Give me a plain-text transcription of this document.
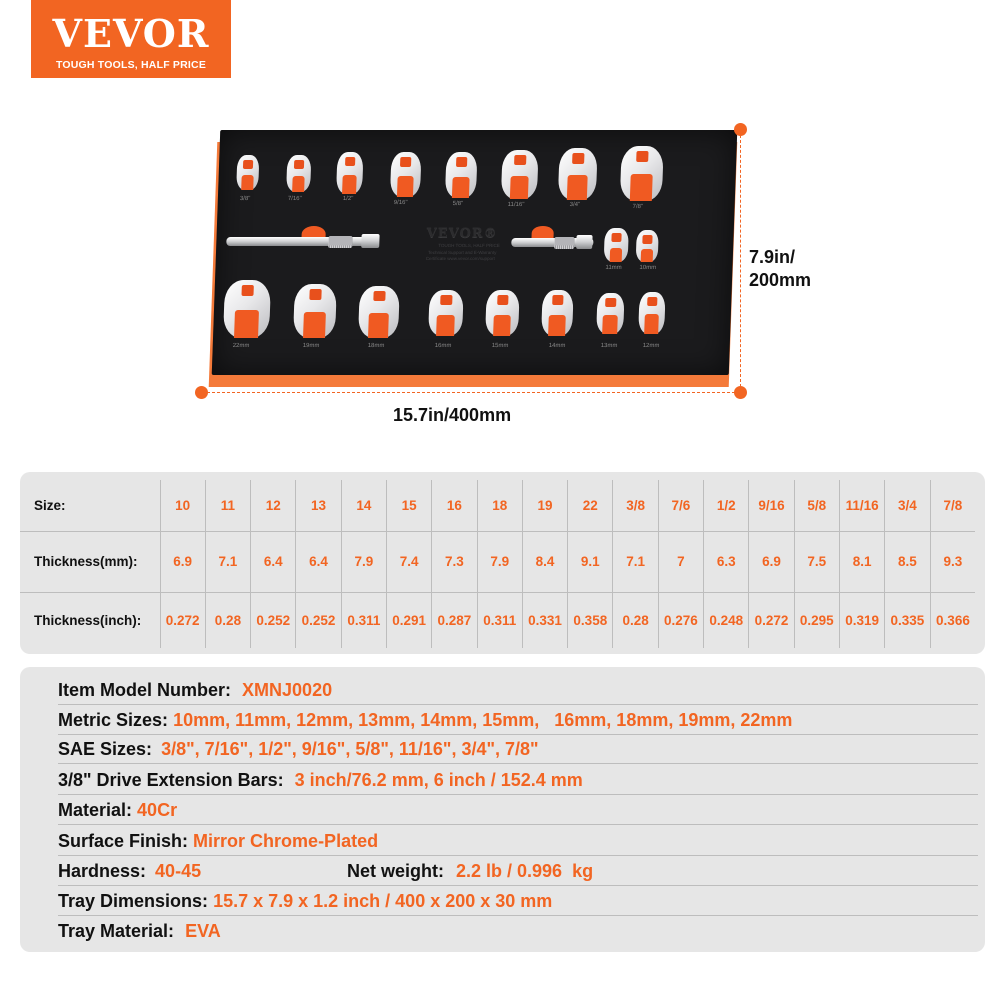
VEVOR
TOUGH TOOLS, HALF PRICE
3/8"	7/16"	1/2"
9/16"	5/8"	11/16"	3/4"	7/8"
VEVOR®
TOUGH TOOLS, HALF PRICE
Technical Support and E-Warranty
Certificate www.vevor.com/support
11mm	10mm
22mm	19mm	18mm	16mm	15mm	14mm	13mm	12mm
7.9in/
200mm
15.7in/400mm
Size:	10	11	12	13	14	15	16	18	19	22	3/8	7/6	1/2	9/16	5/8	11/16	3/4	7/8
Thickness(mm):	6.9	7.1	6.4	6.4	7.9	7.4	7.3	7.9	8.4	9.1	7.1	7	6.3	6.9	7.5	8.1	8.5	9.3
Thickness(inch):	0.272	0.28	0.252	0.252	0.311	0.291	0.287	0.311	0.331	0.358	0.28	0.276	0.248	0.272	0.295	0.319	0.335	0.366
Item Model Number: XMNJ0020
Metric Sizes: 10mm, 11mm, 12mm, 13mm, 14mm, 15mm,   16mm, 18mm, 19mm, 22mm
SAE Sizes: 3/8", 7/16", 1/2", 9/16", 5/8", 11/16", 3/4", 7/8"
3/8" Drive Extension Bars: 3 inch/76.2 mm, 6 inch / 152.4 mm
Material: 40Cr
Surface Finish: Mirror Chrome-Plated
Hardness: 40-45	Net weight: 2.2 lb / 0.996  kg
Tray Dimensions: 15.7 x 7.9 x 1.2 inch / 400 x 200 x 30 mm
Tray Material: EVA
